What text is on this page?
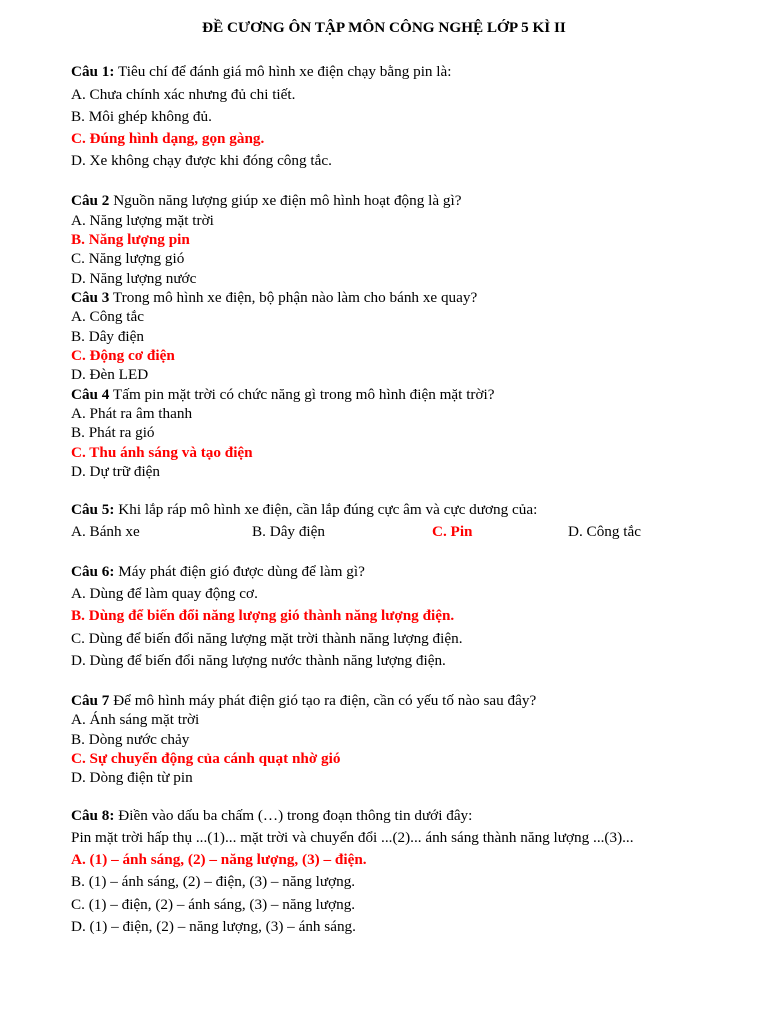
ĐỀ CƯƠNG ÔN TẬP MÔN CÔNG NGHỆ LỚP 5 KÌ II
Câu 1: Tiêu chí để đánh giá mô hình xe điện chạy bằng pin là:
A. Chưa chính xác nhưng đủ chi tiết.
B. Môi ghép không đủ.
C. Đúng hình dạng, gọn gàng.
D. Xe không chạy được khi đóng công tắc.
Câu 2 Nguồn năng lượng giúp xe điện mô hình hoạt động là gì?
A. Năng lượng mặt trời
B. Năng lượng pin
C. Năng lượng gió
D. Năng lượng nước
Câu 3 Trong mô hình xe điện, bộ phận nào làm cho bánh xe quay?
A. Công tắc
B. Dây điện
C. Động cơ điện
D. Đèn LED
Câu 4 Tấm pin mặt trời có chức năng gì trong mô hình điện mặt trời?
A. Phát ra âm thanh
B. Phát ra gió
C. Thu ánh sáng và tạo điện
D. Dự trữ điện
Câu 5: Khi lắp ráp mô hình xe điện, cần lắp đúng cực âm và cực dương của:
A. Bánh xe	B. Dây điện	C. Pin	D. Công tắc
Câu 6: Máy phát điện gió được dùng để làm gì?
A. Dùng để làm quay động cơ.
B. Dùng để biến đổi năng lượng gió thành năng lượng điện.
C. Dùng để biến đổi năng lượng mặt trời thành năng lượng điện.
D. Dùng để biến đổi năng lượng nước thành năng lượng điện.
Câu 7 Để mô hình máy phát điện gió tạo ra điện, cần có yếu tố nào sau đây?
A. Ánh sáng mặt trời
B. Dòng nước chảy
C. Sự chuyển động của cánh quạt nhờ gió
D. Dòng điện từ pin
Câu 8: Điền vào dấu ba chấm (…) trong đoạn thông tin dưới đây:
Pin mặt trời hấp thụ ...(1)... mặt trời và chuyển đổi ...(2)... ánh sáng thành năng lượng ...(3)...
A. (1) – ánh sáng, (2) – năng lượng, (3) – điện.
B. (1) – ánh sáng, (2) – điện, (3) – năng lượng.
C. (1) – điện, (2) – ánh sáng, (3) – năng lượng.
D. (1) – điện, (2) – năng lượng, (3) – ánh sáng.
